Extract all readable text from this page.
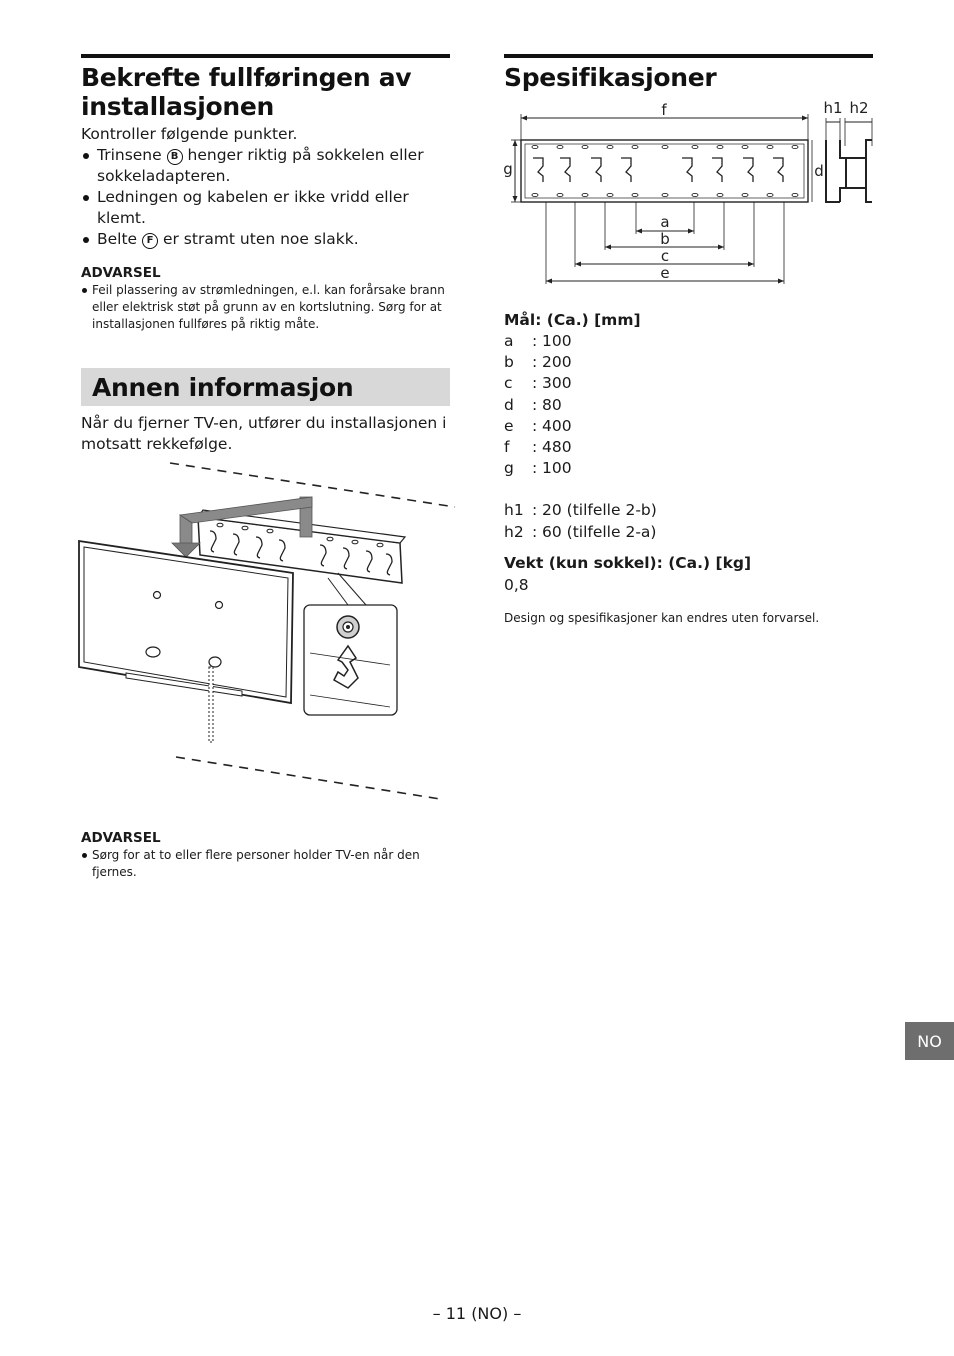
Bekrefte fullføringen av
installasjonen
Kontroller følgende punkter.
Trinsene B henger riktig på sokkelen eller sokkeladapteren.
Ledningen og kabelen er ikke vridd eller klemt.
Belte F er stramt uten noe slakk.
ADVARSEL
Feil plassering av strømledningen, e.l. kan forårsake brann eller elektrisk støt på grunn av en kortslutning. Sørg for at installasjonen fullføres på riktig måte.
Annen informasjon
Når du fjerner TV-en, utfører du installasjonen i motsatt rekkefølge.
ADVARSEL
Sørg for at to eller flere personer holder TV-en når den fjernes.
Spesifikasjoner
f
g	d
h1 h2
a
b
c
e
Mål: (Ca.) [mm]
a	: 100
b	: 200
c	: 300
d	: 80
e	: 400
f	: 480
g	: 100
h1 : 20 (tilfelle 2-b)
h2 : 60 (tilfelle 2-a)
Vekt (kun sokkel): (Ca.) [kg]
0,8
Design og spesifikasjoner kan endres uten forvarsel.
NO
– 11 (NO) –
